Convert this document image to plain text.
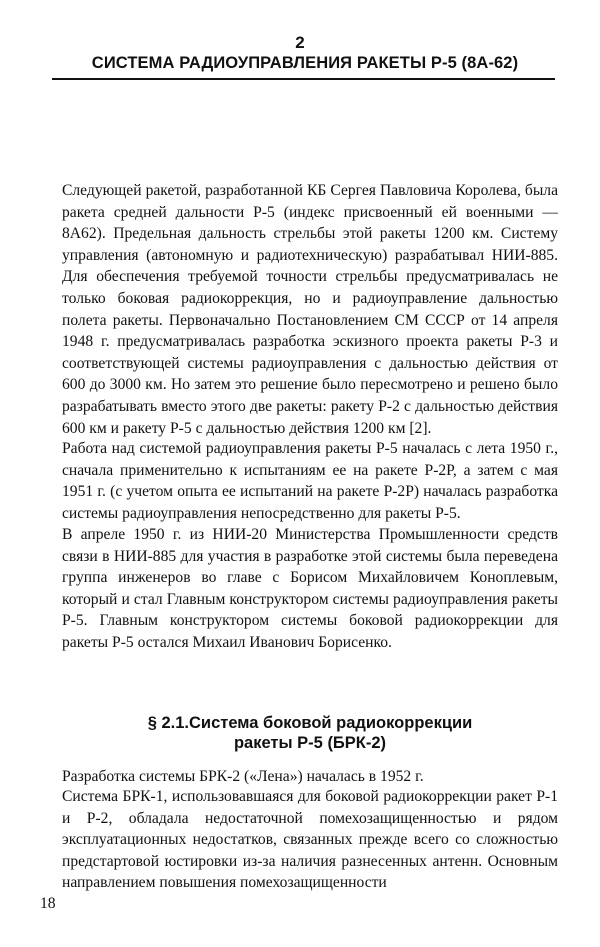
2
СИСТЕМА РАДИОУПРАВЛЕНИЯ РАКЕТЫ Р-5 (8А-62)

Следующей ракетой, разработанной КБ Сергея Павловича Королева, была ракета средней дальности Р-5 (индекс присвоенный ей военными — 8А62). Предельная дальность стрельбы этой ракеты 1200 км. Систему управления (автономную и радиотехническую) разрабатывал НИИ-885. Для обеспечения требуемой точности стрельбы предусматривалась не только боковая радиокоррекция, но и радиоуправление дальностью полета ракеты. Первоначально Постановлением СМ СССР от 14 апреля 1948 г. предусматривалась разработка эскизного проекта ракеты Р-3 и соответствующей системы радиоуправления с дальностью действия от 600 до 3000 км. Но затем это решение было пересмотрено и решено было разрабатывать вместо этого две ракеты: ракету Р-2 с дальностью действия 600 км и ракету Р-5 с дальностью действия 1200 км [2].

Работа над системой радиоуправления ракеты Р-5 началась с лета 1950 г., сначала применительно к испытаниям ее на ракете Р-2Р, а затем с мая 1951 г. (с учетом опыта ее испытаний на ракете Р-2Р) началась разработка системы радиоуправления непосредственно для ракеты Р-5.

В апреле 1950 г. из НИИ-20 Министерства Промышленности средств связи в НИИ-885 для участия в разработке этой системы была переведена группа инженеров во главе с Борисом Михайловичем Коноплевым, который и стал Главным конструктором системы радиоуправления ракеты Р-5. Главным конструктором системы боковой радиокоррекции для ракеты Р-5 остался Михаил Иванович Борисенко.

§ 2.1.Система боковой радиокоррекции
ракеты Р-5 (БРК-2)

Разработка системы БРК-2 («Лена») началась в 1952 г.

Система БРК-1, использовавшаяся для боковой радиокоррекции ракет Р-1 и Р-2, обладала недостаточной помехозащищенностью и рядом эксплуатационных недостатков, связанных прежде всего со сложностью предстартовой юстировки из-за наличия разнесенных антенн. Основным направлением повышения помехозащищенности

18
